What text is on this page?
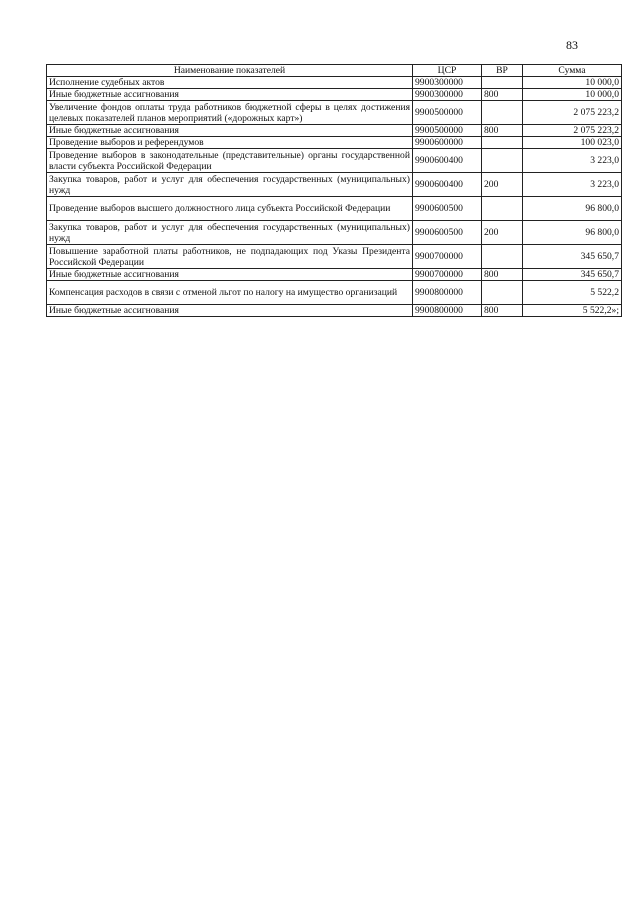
83
Наименование показателей	ЦСР	ВР	Сумма
Исполнение судебных актов	9900300000		10 000,0
Иные бюджетные ассигнования	9900300000	800	10 000,0
Увеличение фондов оплаты труда работников бюджетной сферы в целях достижения целевых показателей планов мероприятий («дорожных карт»)	9900500000		2 075 223,2
Иные бюджетные ассигнования	9900500000	800	2 075 223,2
Проведение выборов и референдумов	9900600000		100 023,0
Проведение выборов в законодательные (представительные) органы государственной власти субъекта Российской Федерации	9900600400		3 223,0
Закупка товаров, работ и услуг для обеспечения государственных (муниципальных) нужд	9900600400	200	3 223,0
Проведение выборов высшего должностного лица субъекта Российской Федерации	9900600500		96 800,0
Закупка товаров, работ и услуг для обеспечения государственных (муниципальных) нужд	9900600500	200	96 800,0
Повышение заработной платы работников, не подпадающих под Указы Президента Российской Федерации	9900700000		345 650,7
Иные бюджетные ассигнования	9900700000	800	345 650,7
Компенсация расходов в связи с отменой льгот по налогу на имущество организаций	9900800000		5 522,2
Иные бюджетные ассигнования	9900800000	800	5 522,2»;
